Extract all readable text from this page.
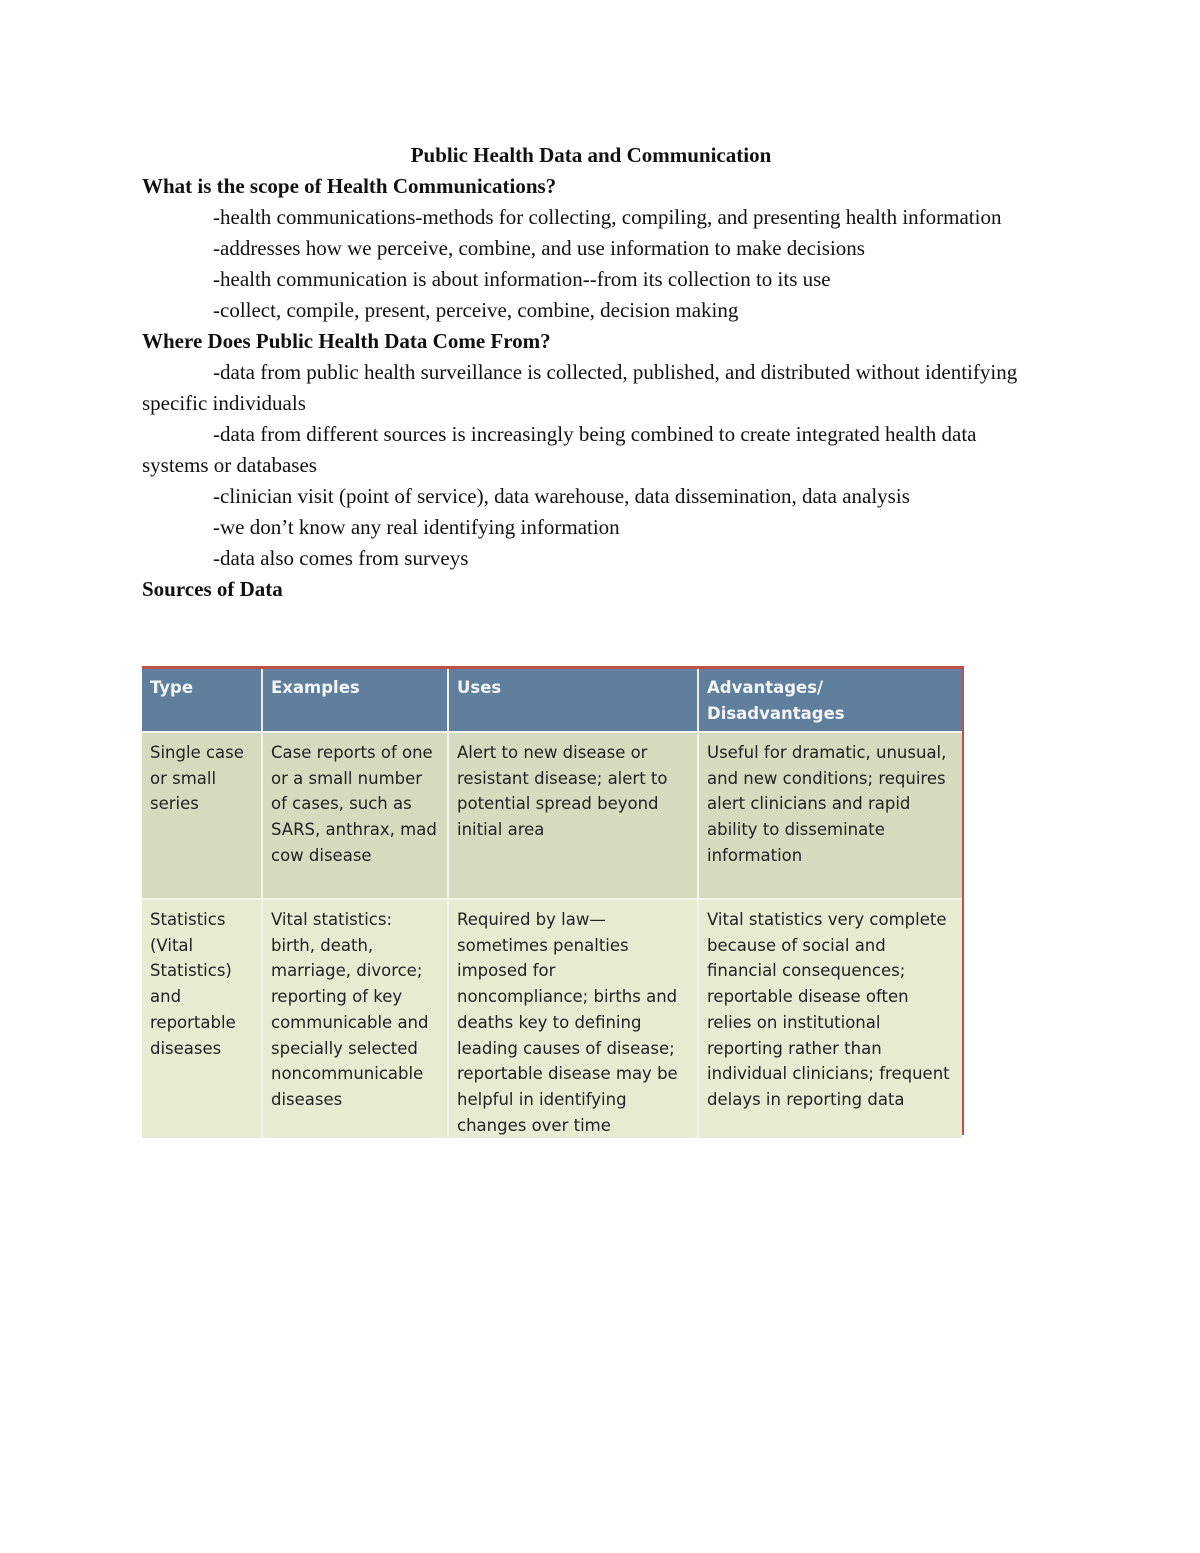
Public Health Data and Communication

What is the scope of Health Communications?

-health communications-methods for collecting, compiling, and presenting health information

-addresses how we perceive, combine, and use information to make decisions

-health communication is about information--from its collection to its use

-collect, compile, present, perceive, combine, decision making

Where Does Public Health Data Come From?

-data from public health surveillance is collected, published, and distributed without identifying specific individuals

-data from different sources is increasingly being combined to create integrated health data systems or databases

-clinician visit (point of service), data warehouse, data dissemination, data analysis

-we don’t know any real identifying information

-data also comes from surveys

Sources of Data

Type	Examples	Uses	Advantages/ Disadvantages
Single case or small series	Case reports of one or a small number of cases, such as SARS, anthrax, mad cow disease	Alert to new disease or resistant disease; alert to potential spread beyond initial area	Useful for dramatic, unusual, and new conditions; requires alert clinicians and rapid ability to disseminate information
Statistics (Vital Statistics) and reportable diseases	Vital statistics: birth, death, marriage, divorce; reporting of key communicable and specially selected noncommunicable diseases	Required by law—sometimes penalties imposed for noncompliance; births and deaths key to defining leading causes of disease; reportable disease may be helpful in identifying changes over time	Vital statistics very complete because of social and financial consequences; reportable disease often relies on institutional reporting rather than individual clinicians; frequent delays in reporting data
